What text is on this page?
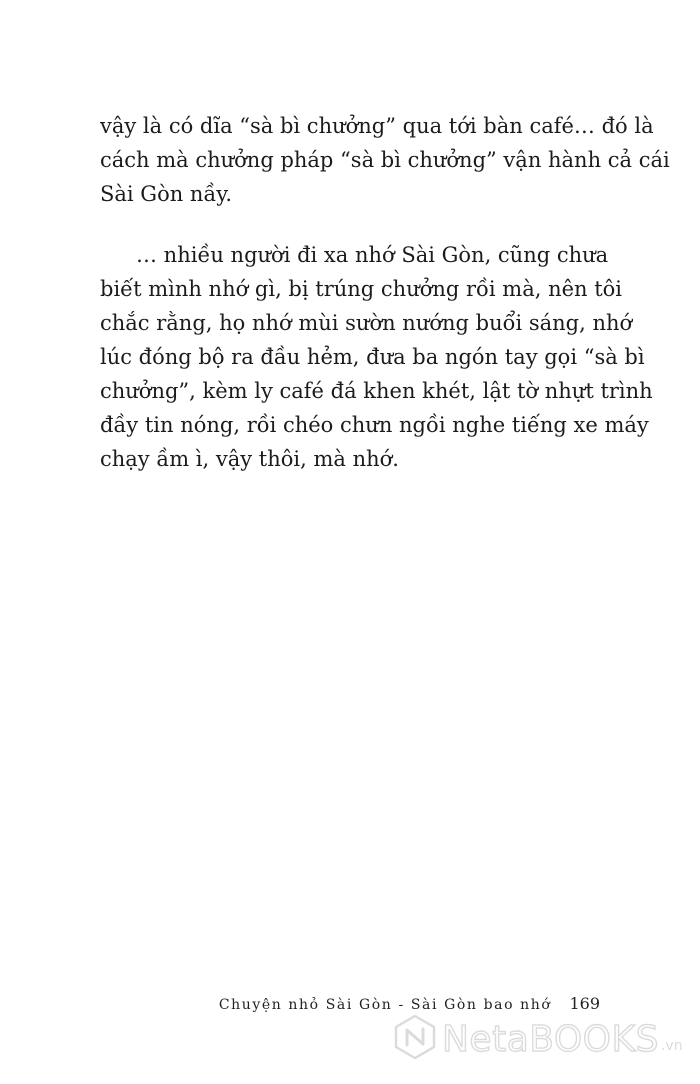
vậy là có dĩa “sà bì chưởng” qua tới bàn café… đó là
cách mà chưởng pháp “sà bì chưởng” vận hành cả cái
Sài Gòn nầy.
… nhiều người đi xa nhớ Sài Gòn, cũng chưa
biết mình nhớ gì, bị trúng chưởng rồi mà, nên tôi
chắc rằng, họ nhớ mùi sườn nướng buổi sáng, nhớ
lúc đóng bộ ra đầu hẻm, đưa ba ngón tay gọi “sà bì
chưởng”, kèm ly café đá khen khét, lật tờ nhựt trình
đầy tin nóng, rồi chéo chưn ngồi nghe tiếng xe máy
chạy ầm ì, vậy thôi, mà nhớ.
Chuyện nhỏ Sài Gòn - Sài Gòn bao nhớ 169
NetaBOOKS .vn
